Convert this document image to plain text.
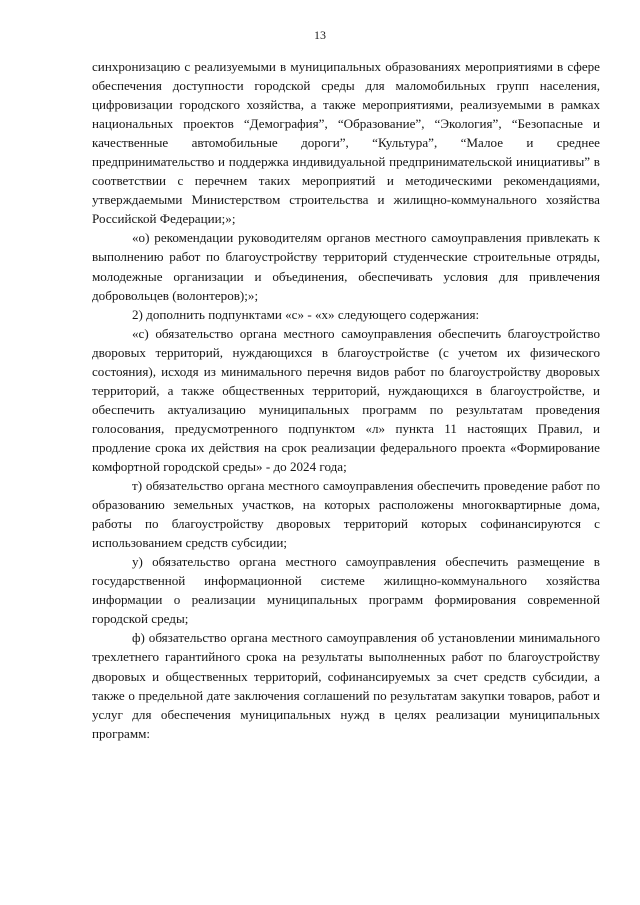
13

синхронизацию с реализуемыми в муниципальных образованиях мероприятиями в сфере обеспечения доступности городской среды для маломобильных групп населения, цифровизации городского хозяйства, а также мероприятиями, реализуемыми в рамках национальных проектов “Демография”, “Образование”, “Экология”, “Безопасные и качественные автомобильные дороги”, “Культура”, “Малое и среднее предпринимательство и поддержка индивидуальной предпринимательской инициативы” в соответствии с перечнем таких мероприятий и методическими рекомендациями, утверждаемыми Министерством строительства и жилищно-коммунального хозяйства Российской Федерации;»;

«о) рекомендации руководителям органов местного самоуправления привлекать к выполнению работ по благоустройству территорий студенческие строительные отряды, молодежные организации и объединения, обеспечивать условия для привлечения добровольцев (волонтеров);»;

2) дополнить подпунктами «с» - «х» следующего содержания:

«с) обязательство органа местного самоуправления обеспечить благоустройство дворовых территорий, нуждающихся в благоустройстве (с учетом их физического состояния), исходя из минимального перечня видов работ по благоустройству дворовых территорий, а также общественных территорий, нуждающихся в благоустройстве, и обеспечить актуализацию муниципальных программ по результатам проведения голосования, предусмотренного подпунктом «л» пункта 11 настоящих Правил, и продление срока их действия на срок реализации федерального проекта «Формирование комфортной городской среды» - до 2024 года;

т) обязательство органа местного самоуправления обеспечить проведение работ по образованию земельных участков, на которых расположены многоквартирные дома, работы по благоустройству дворовых территорий которых софинансируются с использованием средств субсидии;

у) обязательство органа местного самоуправления обеспечить размещение в государственной информационной системе жилищно-коммунального хозяйства информации о реализации муниципальных программ формирования современной городской среды;

ф) обязательство органа местного самоуправления об установлении минимального трехлетнего гарантийного срока на результаты выполненных работ по благоустройству дворовых и общественных территорий, софинансируемых за счет средств субсидии, а также о предельной дате заключения соглашений по результатам закупки товаров, работ и услуг для обеспечения муниципальных нужд в целях реализации муниципальных программ:
